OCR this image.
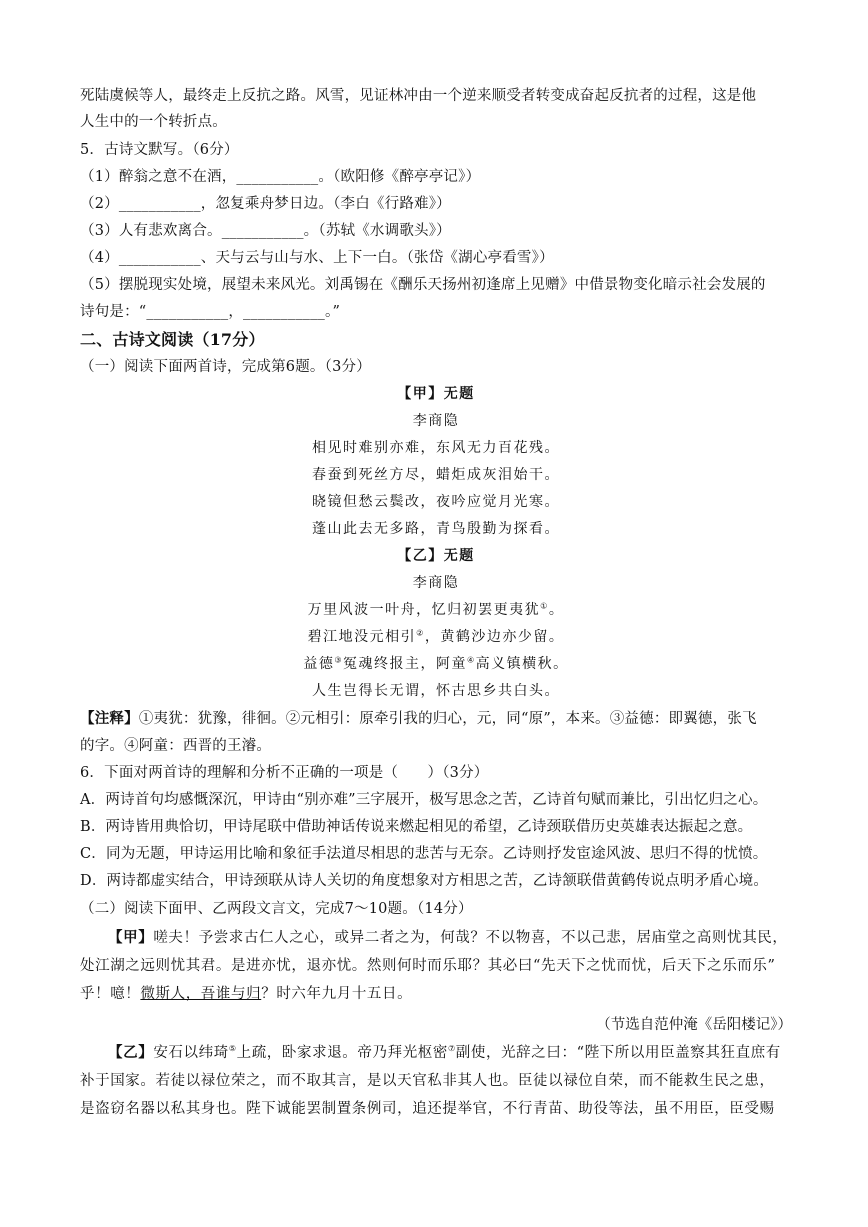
死陆虞候等人，最终走上反抗之路。风雪，见证林冲由一个逆来顺受者转变成奋起反抗者的过程，这是他
人生中的一个转折点。
5．古诗文默写。（6分）
（1）醉翁之意不在酒，___________。（欧阳修《醉亭亭记》）
（2）___________，忽复乘舟梦日边。（李白《行路难》）
（3）人有悲欢离合。___________。（苏轼《水调歌头》）
（4）___________、天与云与山与水、上下一白。（张岱《湖心亭看雪》）
（5）摆脱现实处境，展望未来风光。刘禹锡在《酬乐天扬州初逢席上见赠》中借景物变化暗示社会发展的
诗句是：“___________，___________。”
二、古诗文阅读（17分）
（一）阅读下面两首诗，完成第6题。（3分）
【甲】无题
李商隐
相见时难别亦难，东风无力百花残。
春蚕到死丝方尽，蜡炬成灰泪始干。
晓镜但愁云鬓改，夜吟应觉月光寒。
蓬山此去无多路，青鸟殷勤为探看。
【乙】无题
李商隐
万里风波一叶舟，忆归初罢更夷犹①。
碧江地没元相引②，黄鹤沙边亦少留。
益德③冤魂终报主，阿童④高义镇横秋。
人生岂得长无谓，怀古思乡共白头。
【注释】①夷犹：犹豫，徘徊。②元相引：原牵引我的归心，元，同“原”，本来。③益德：即翼德，张飞
的字。④阿童：西晋的王濬。
6．下面对两首诗的理解和分析不正确的一项是（　　）（3分）
A．两诗首句均感慨深沉，甲诗由“别亦难”三字展开，极写思念之苦，乙诗首句赋而兼比，引出忆归之心。
B．两诗皆用典恰切，甲诗尾联中借助神话传说来燃起相见的希望，乙诗颈联借历史英雄表达振起之意。
C．同为无题，甲诗运用比喻和象征手法道尽相思的悲苦与无奈。乙诗则抒发宦途风波、思归不得的忧愤。
D．两诗都虚实结合，甲诗颈联从诗人关切的角度想象对方相思之苦，乙诗颔联借黄鹤传说点明矛盾心境。
（二）阅读下面甲、乙两段文言文，完成7～10题。（14分）
【甲】嗟夫！予尝求古仁人之心，或异二者之为，何哉？不以物喜，不以己悲，居庙堂之高则忧其民，
处江湖之远则忧其君。是进亦忧，退亦忧。然则何时而乐耶？其必曰“先天下之忧而忧，后天下之乐而乐”
乎！噫！微斯人，吾谁与归？时六年九月十五日。
（节选自范仲淹《岳阳楼记》）
【乙】安石以纬琦⑤上疏，卧家求退。帝乃拜光枢密⑦副使，光辞之曰：“陛下所以用臣盖察其狂直庶有
补于国家。若徒以禄位荣之，而不取其言，是以天官私非其人也。臣徒以禄位自荣，而不能救生民之患，
是盗窃名器以私其身也。陛下诚能罢制置条例司，追还提举官，不行青苗、助役等法，虽不用臣，臣受赐
